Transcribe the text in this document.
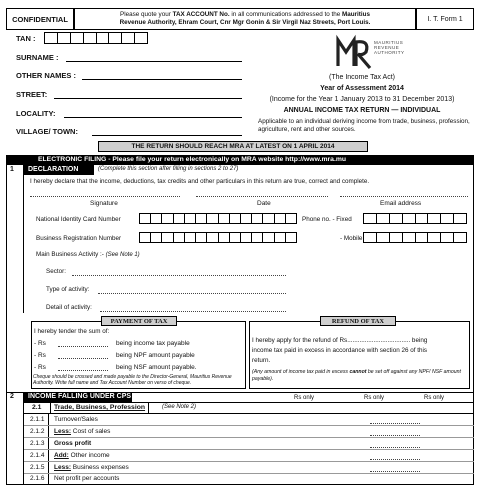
CONFIDENTIAL	Please quote your TAX ACCOUNT No. in all communications addressed to the Mauritius
Revenue Authority, Ehram Court, Cnr Mgr Gonin & Sir Virgil Naz Streets, Port Louis.	I. T. Form 1
TAN :
SURNAME :
OTHER NAMES :
STREET:
LOCALITY:
VILLAGE/ TOWN:
MAURITIUS
REVENUE
AUTHORITY
(The Income Tax Act)
Year of Assessment 2014
(Income for the Year 1 January 2013 to 31 December 2013)
ANNUAL INCOME TAX RETURN — INDIVIDUAL
Applicable to an individual deriving income from trade, business, profession, agriculture, rent and other sources.
THE RETURN SHOULD REACH MRA AT LATEST ON 1 APRIL 2014
ELECTRONIC FILING - Please file your return electronically on MRA website http://www.mra.mu
1	DECLARATION	(Complete this section after filling in sections 2 to 27)
I hereby declare that the income, deductions, tax credits and other particulars in this return are true, correct and complete.
Signature	Date	Email address
National Identity Card Number	Phone no. - Fixed
Business Registration Number	- Mobile
Main Business Activity :- (See Note 1)
Sector:
Type of activity:
Detail of activity:
PAYMENT OF TAX
I hereby tender the sum of:
- Rs	being income tax payable
- Rs	being NPF amount payable
- Rs	being NSF amount payable.
Cheque should be crossed and made payable to the Director-General, Mauritius Revenue Authority. Write full name and Tax Account Number on verso of cheque.
REFUND OF TAX
I hereby apply for the refund of Rs.................................... being
income tax paid in excess in accordance with section 26 of this
return.
(Any amount of income tax paid in excess cannot be set off against any NPF/ NSF amount payable).
2	INCOME FALLING UNDER CPS	Rs only	Rs only	Rs only
2.1	Trade, Business, Profession	(See Note 2)
2.1.1 Turnover/Sales
2.1.2 Less: Cost of sales
2.1.3 Gross profit
2.1.4 Add: Other income
2.1.5 Less: Business expenses
2.1.6 Net profit per accounts
